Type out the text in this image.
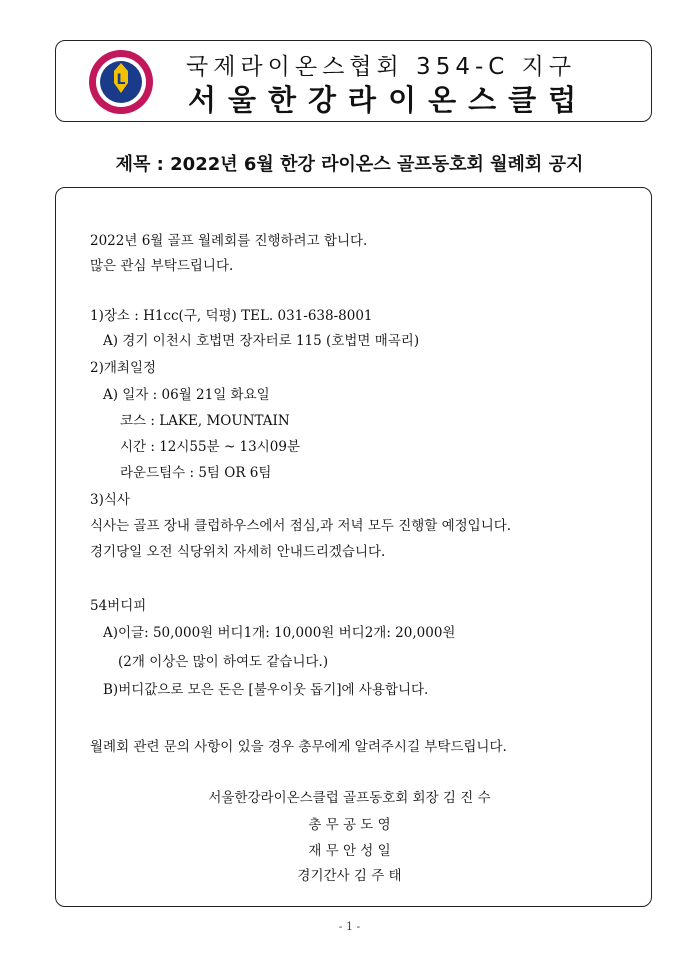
L	국제라이온스협회 354-C 지구
서울한강라이온스클럽
제목 : 2022년 6월 한강 라이온스 골프동호회 월례회 공지
2022년 6월 골프 월례회를 진행하려고 합니다.
많은 관심 부탁드립니다.
1)장소 : H1cc(구, 덕평) TEL. 031-638-8001
A) 경기 이천시 호법면 장자터로 115 (호법면 매곡리)
2)개최일정
A) 일자 : 06월 21일 화요일
코스 : LAKE, MOUNTAIN
시간 : 12시55분 ~ 13시09분
라운드팀수 : 5팀 OR 6팀
3)식사
식사는 골프 장내 클럽하우스에서 점심,과 저녁 모두 진행할 예정입니다.
경기당일 오전 식당위치 자세히 안내드리겠습니다.
54버디피
A)이글: 50,000원 버디1개: 10,000원 버디2개: 20,000원
(2개 이상은 많이 하여도 같습니다.)
B)버디값으로 모은 돈은 [불우이웃 돕기]에 사용합니다.
월례회 관련 문의 사항이 있을 경우 총무에게 알려주시길 부탁드립니다.
서울한강라이온스클럽 골프동호회 회장 김 진 수
총 무 공 도 영
재 무 안 성 일
경기간사 김 주 태
- 1 -
